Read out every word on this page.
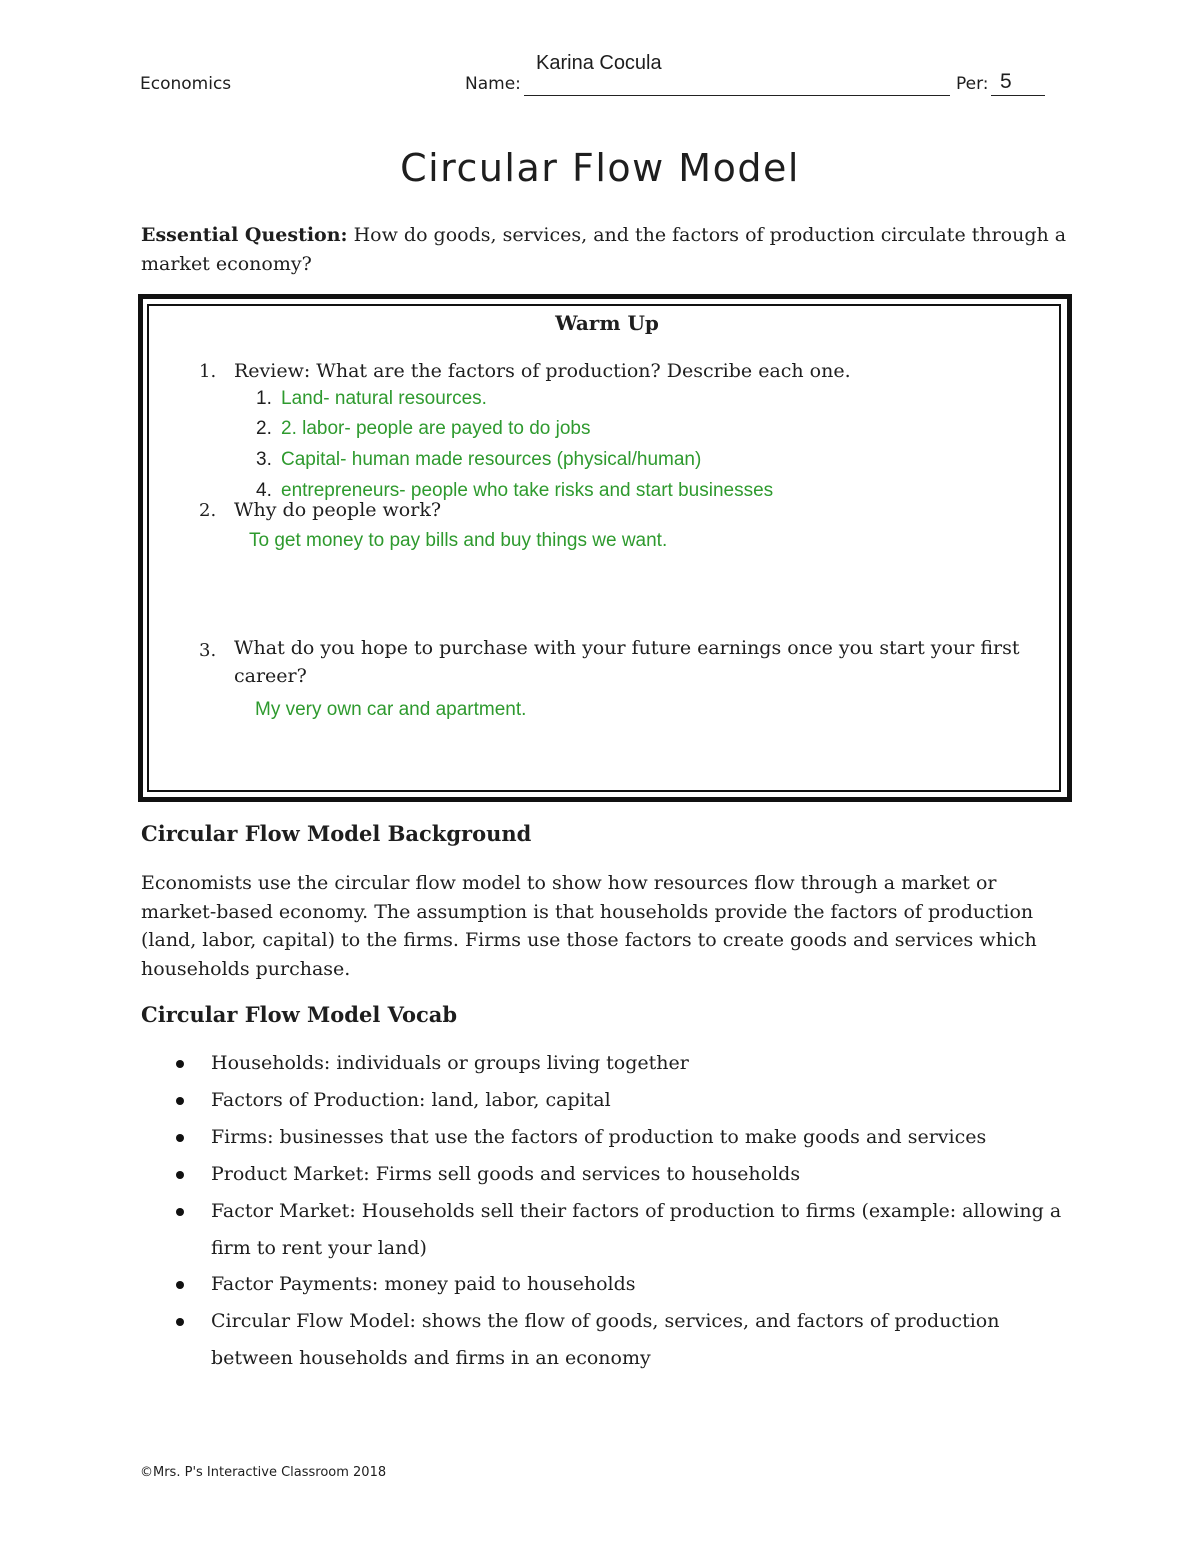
Economics	Name:
Karina Cocula
Per: 5
Circular Flow Model
Essential Question: How do goods, services, and the factors of production circulate through a market economy?
Warm Up
1. Review: What are the factors of production? Describe each one.
1. Land- natural resources.
2. 2. labor- people are payed to do jobs
3. Capital- human made resources (physical/human)
4. entrepreneurs- people who take risks and start businesses
2. Why do people work?
To get money to pay bills and buy things we want.
3. What do you hope to purchase with your future earnings once you start your first career?
My very own car and apartment.
Circular Flow Model Background
Economists use the circular flow model to show how resources flow through a market or market-based economy. The assumption is that households provide the factors of production (land, labor, capital) to the firms. Firms use those factors to create goods and services which households purchase.
Circular Flow Model Vocab
Households: individuals or groups living together
Factors of Production: land, labor, capital
Firms: businesses that use the factors of production to make goods and services
Product Market: Firms sell goods and services to households
Factor Market: Households sell their factors of production to firms (example: allowing a firm to rent your land)
Factor Payments: money paid to households
Circular Flow Model: shows the flow of goods, services, and factors of production between households and firms in an economy
©Mrs. P's Interactive Classroom 2018
